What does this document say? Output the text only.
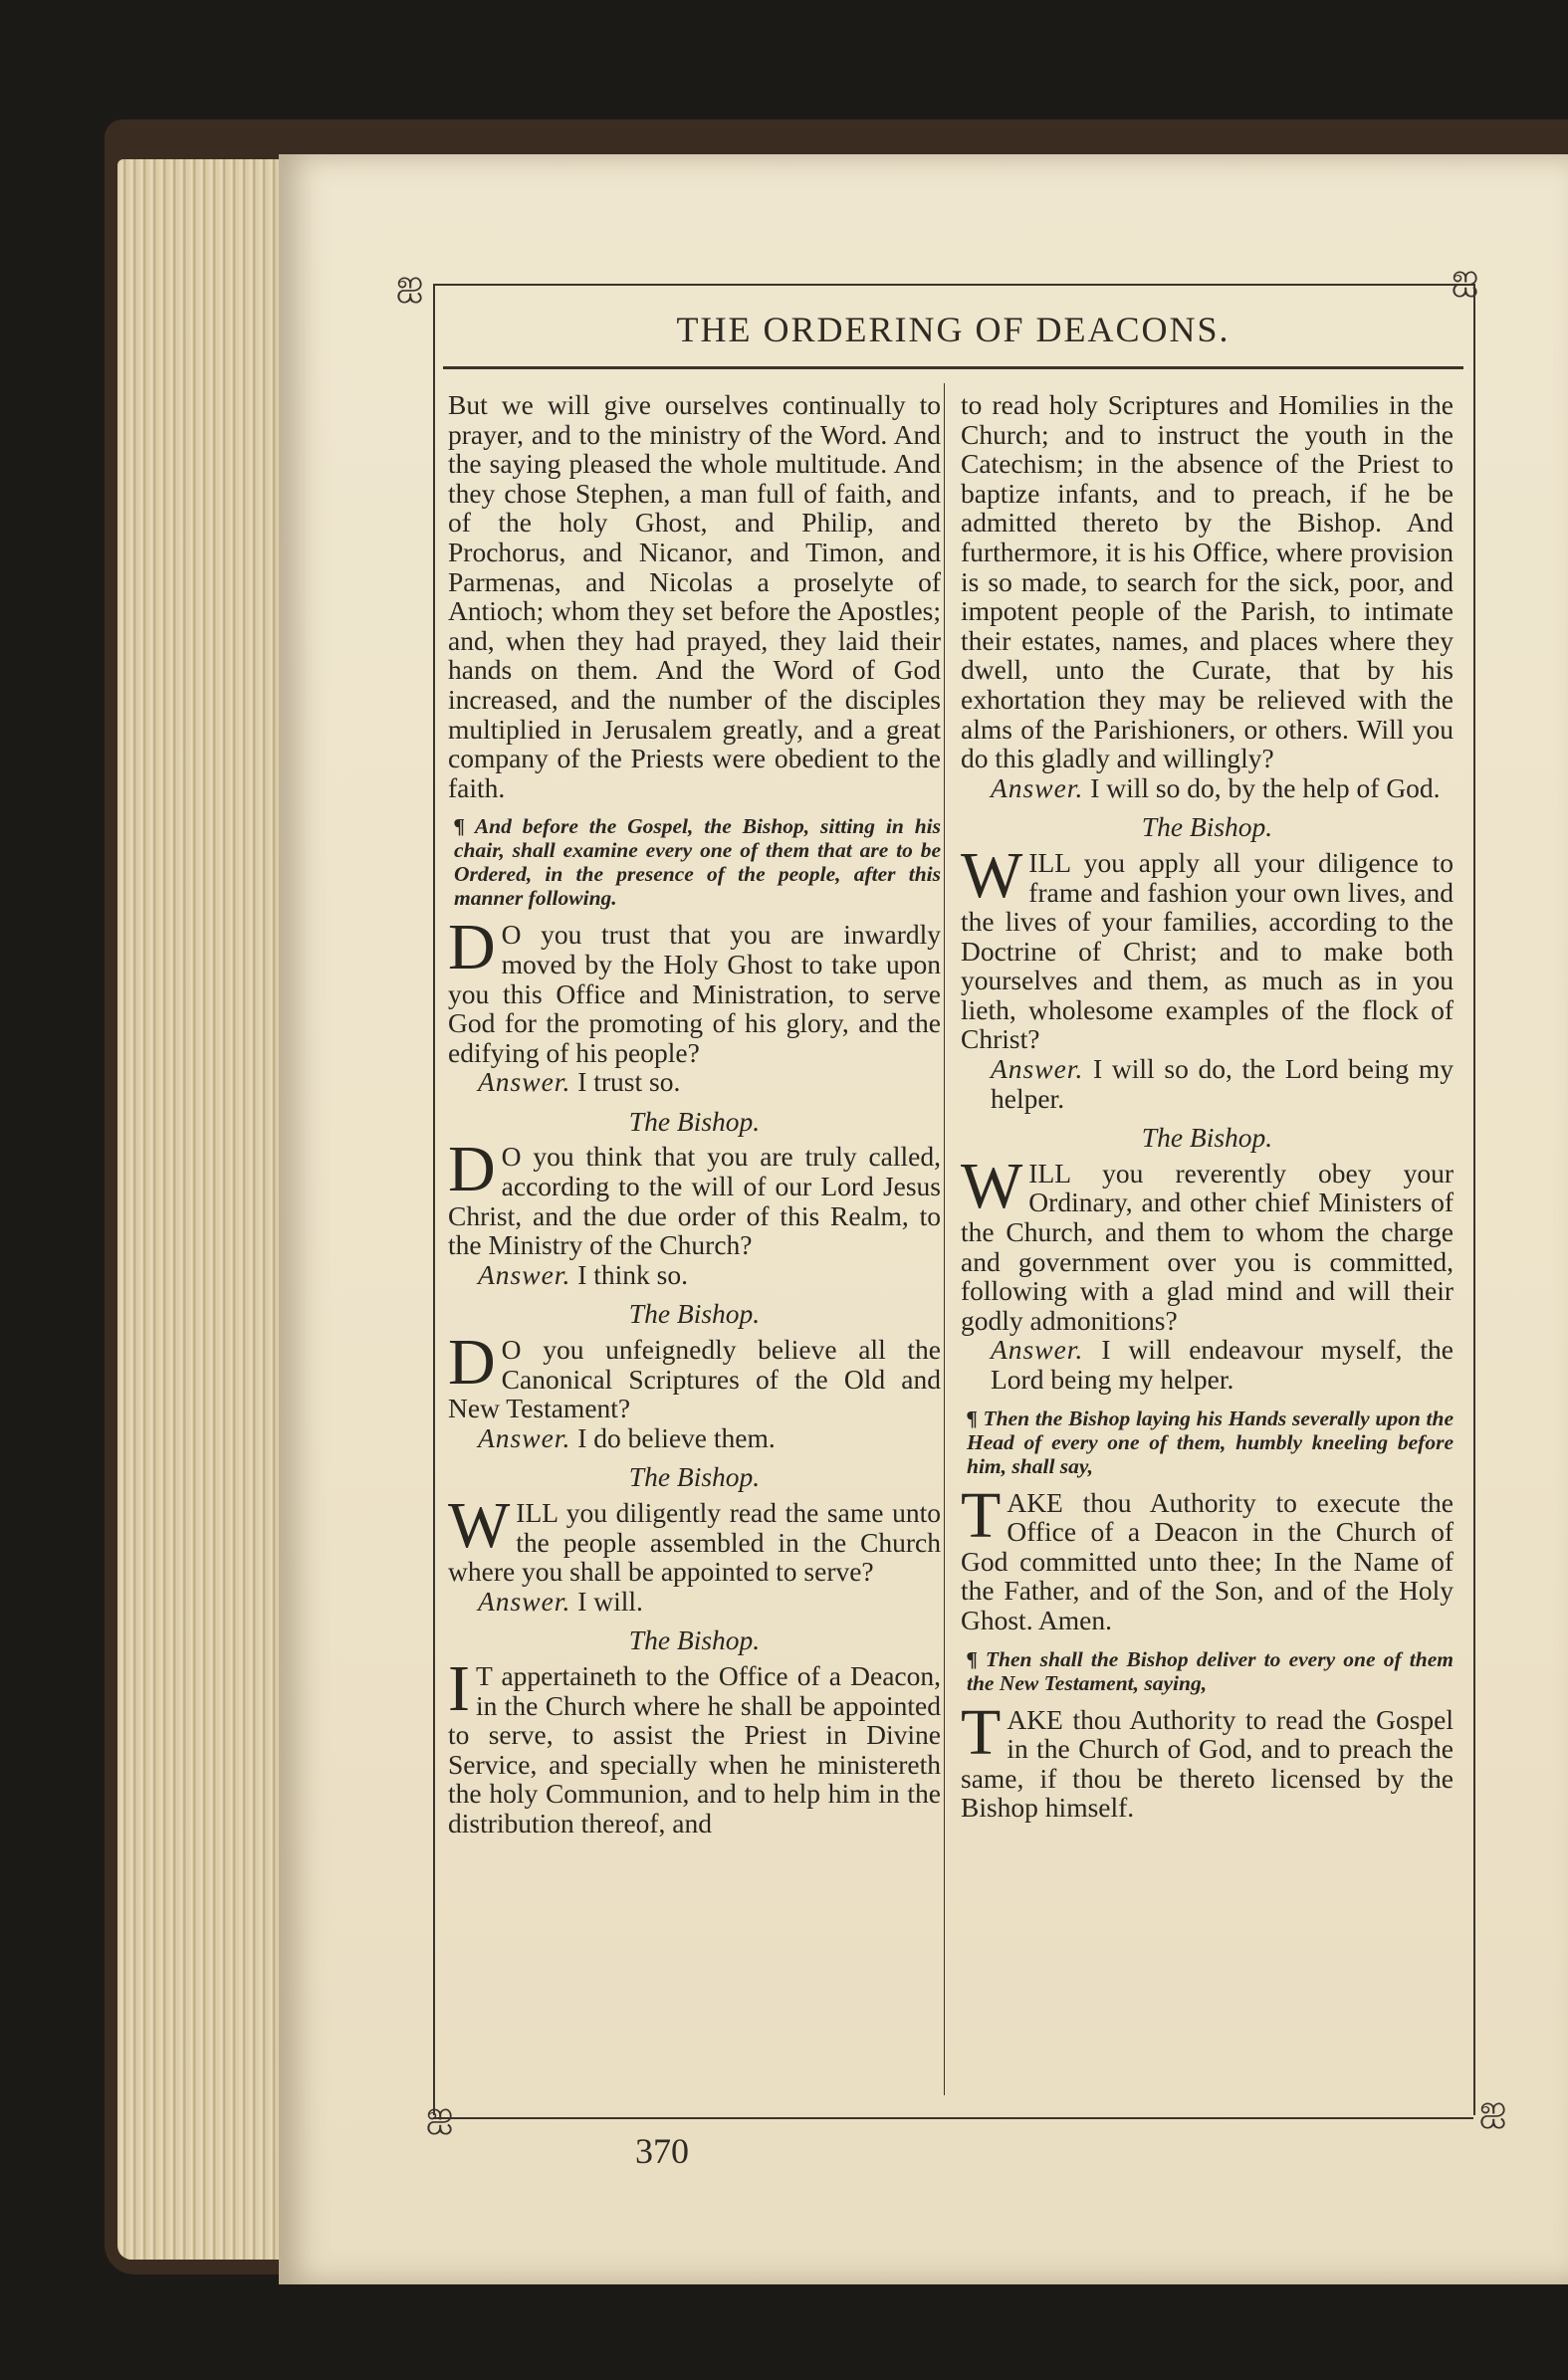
ஐ	ஐ
ஐ	ஐ
THE ORDERING OF DEACONS.

But we will give ourselves continually to prayer, and to the ministry of the Word. And the saying pleased the whole multitude. And they chose Stephen, a man full of faith, and of the holy Ghost, and Philip, and Prochorus, and Nicanor, and Timon, and Parmenas, and Nicolas a proselyte of Antioch; whom they set before the Apostles; and, when they had prayed, they laid their hands on them. And the Word of God increased, and the number of the disciples multiplied in Jerusalem greatly, and a great company of the Priests were obedient to the faith.

¶ And before the Gospel, the Bishop, sitting in his chair, shall examine every one of them that are to be Ordered, in the presence of the people, after this manner following.

DO you trust that you are inwardly moved by the Holy Ghost to take upon you this Office and Ministration, to serve God for the promoting of his glory, and the edifying of his people?

Answer. I trust so.

The Bishop.

DO you think that you are truly called, according to the will of our Lord Jesus Christ, and the due order of this Realm, to the Ministry of the Church?

Answer. I think so.

The Bishop.

DO you unfeignedly believe all the Canonical Scriptures of the Old and New Testament?

Answer. I do believe them.

The Bishop.

WILL you diligently read the same unto the people assembled in the Church where you shall be appointed to serve?

Answer. I will.

The Bishop.

IT appertaineth to the Office of a Deacon, in the Church where he shall be appointed to serve, to assist the Priest in Divine Service, and specially when he ministereth the holy Communion, and to help him in the distribution thereof, and

to read holy Scriptures and Homilies in the Church; and to instruct the youth in the Catechism; in the absence of the Priest to baptize infants, and to preach, if he be admitted thereto by the Bishop. And furthermore, it is his Office, where provision is so made, to search for the sick, poor, and impotent people of the Parish, to intimate their estates, names, and places where they dwell, unto the Curate, that by his exhortation they may be relieved with the alms of the Parishioners, or others. Will you do this gladly and willingly?

Answer. I will so do, by the help of God.

The Bishop.

WILL you apply all your diligence to frame and fashion your own lives, and the lives of your families, according to the Doctrine of Christ; and to make both yourselves and them, as much as in you lieth, wholesome examples of the flock of Christ?

Answer. I will so do, the Lord being my helper.

The Bishop.

WILL you reverently obey your Ordinary, and other chief Ministers of the Church, and them to whom the charge and government over you is committed, following with a glad mind and will their godly admonitions?

Answer. I will endeavour myself, the Lord being my helper.

¶ Then the Bishop laying his Hands severally upon the Head of every one of them, humbly kneeling before him, shall say,

TAKE thou Authority to execute the Office of a Deacon in the Church of God committed unto thee; In the Name of the Father, and of the Son, and of the Holy Ghost. Amen.

¶ Then shall the Bishop deliver to every one of them the New Testament, saying,

TAKE thou Authority to read the Gospel in the Church of God, and to preach the same, if thou be thereto licensed by the Bishop himself.

370
